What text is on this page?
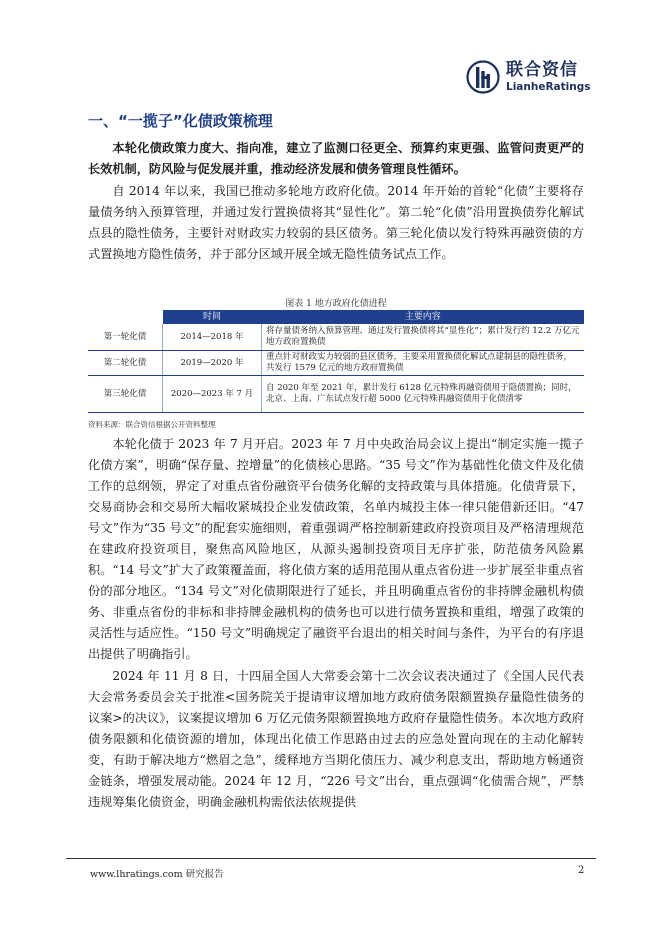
联合资信
LianheRatings
一、“一揽子”化债政策梳理

本轮化债政策力度大、指向准，建立了监测口径更全、预算约束更强、监管问责更严的长效机制，防风险与促发展并重，推动经济发展和债务管理良性循环。

自 2014 年以来，我国已推动多轮地方政府化债。2014 年开始的首轮“化债”主要将存量债务纳入预算管理，并通过发行置换债将其“显性化”。第二轮“化债”沿用置换债券化解试点县的隐性债务，主要针对财政实力较弱的县区债务。第三轮化债以发行特殊再融资债的方式置换地方隐性债务，并于部分区域开展全域无隐性债务试点工作。

图表 1 地方政府化债进程
	时间	主要内容
第一轮化债	2014—2018 年	将存量债务纳入预算管理、通过发行置换债将其“显性化”；累计发行约 12.2 万亿元地方政府置换债
第二轮化债	2019—2020 年	重点针对财政实力较弱的县区债务，主要采用置换债化解试点建制县的隐性债务，共发行 1579 亿元的地方政府置换债
第三轮化债	2020—2023 年 7 月	自 2020 年至 2021 年，累计发行 6128 亿元特殊再融资债用于隐债置换；同时，北京、上海、广东试点发行超 5000 亿元特殊再融资债用于化债清零
资料来源：联合资信根据公开资料整理

本轮化债于 2023 年 7 月开启。2023 年 7 月中央政治局会议上提出“制定实施一揽子化债方案”，明确“保存量、控增量”的化债核心思路。“35 号文”作为基础性化债文件及化债工作的总纲领，界定了对重点省份融资平台债务化解的支持政策与具体措施。化债背景下，交易商协会和交易所大幅收紧城投企业发债政策，名单内城投主体一律只能借新还旧。“47 号文”作为“35 号文”的配套实施细则，着重强调严格控制新建政府投资项目及严格清理规范在建政府投资项目，聚焦高风险地区，从源头遏制投资项目无序扩张，防范债务风险累积。“14 号文”扩大了政策覆盖面，将化债方案的适用范围从重点省份进一步扩展至非重点省份的部分地区。“134 号文”对化债期限进行了延长，并且明确重点省份的非持牌金融机构债务、非重点省份的非标和非持牌金融机构的债务也可以进行债务置换和重组，增强了政策的灵活性与适应性。“150 号文”明确规定了融资平台退出的相关时间与条件，为平台的有序退出提供了明确指引。

2024 年 11 月 8 日，十四届全国人大常委会第十二次会议表决通过了《全国人民代表大会常务委员会关于批准<国务院关于提请审议增加地方政府债务限额置换存量隐性债务的议案>的决议》，议案提议增加 6 万亿元债务限额置换地方政府存量隐性债务。本次地方政府债务限额和化债资源的增加，体现出化债工作思路由过去的应急处置向现在的主动化解转变，有助于解决地方“燃眉之急”，缓释地方当期化债压力、减少利息支出，帮助地方畅通资金链条，增强发展动能。2024 年 12 月，“226 号文”出台，重点强调“化债需合规”，严禁违规筹集化债资金，明确金融机构需依法依规提供

www.lhratings.com 研究报告	2
